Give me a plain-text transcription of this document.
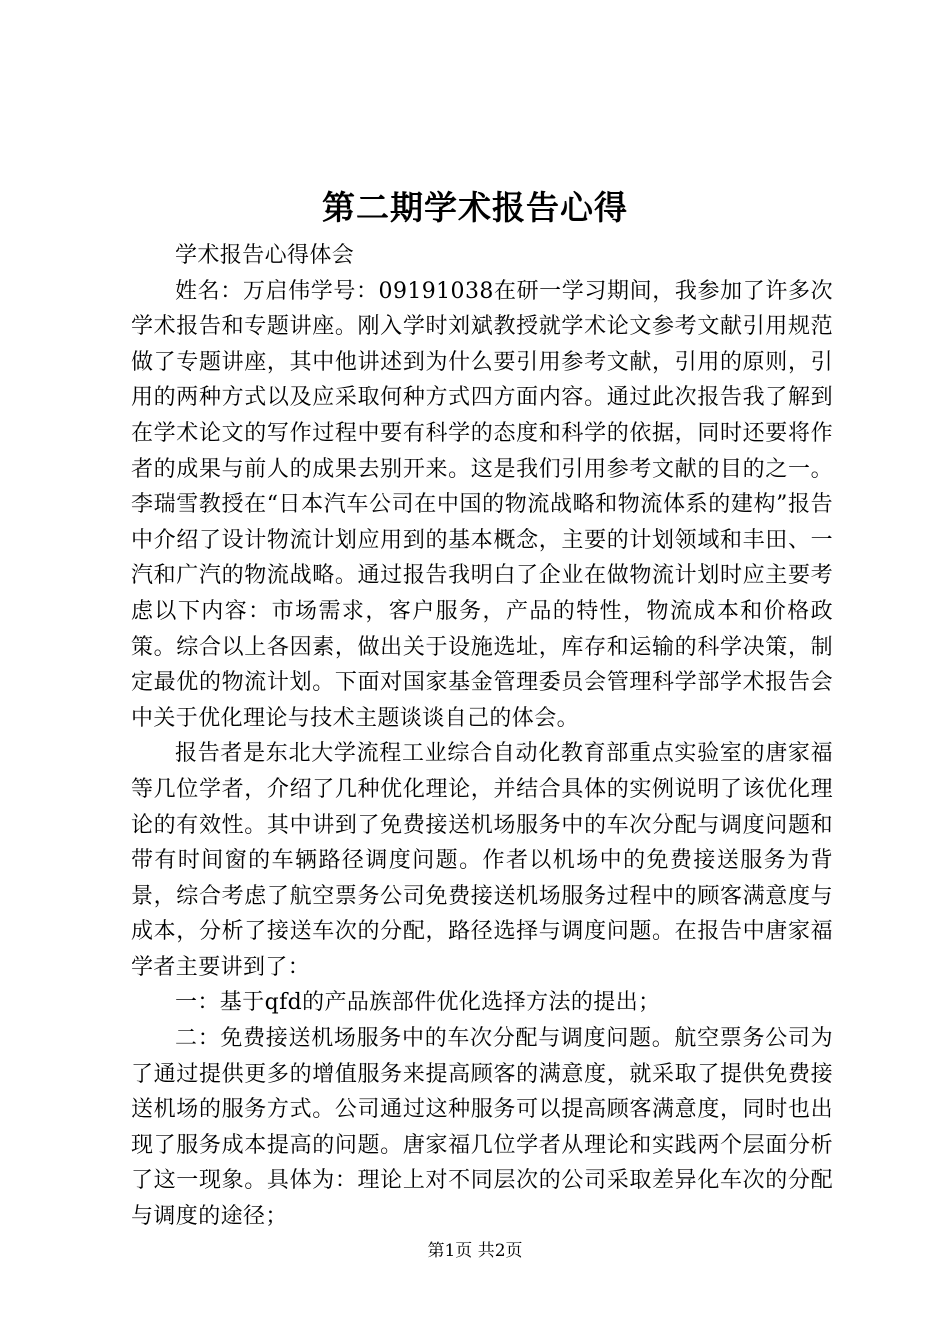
第二期学术报告心得

学术报告心得体会

姓名：万启伟学号：09191038在研一学习期间，我参加了许多次学术报告和专题讲座。刚入学时刘斌教授就学术论文参考文献引用规范做了专题讲座，其中他讲述到为什么要引用参考文献，引用的原则，引用的两种方式以及应采取何种方式四方面内容。通过此次报告我了解到在学术论文的写作过程中要有科学的态度和科学的依据，同时还要将作者的成果与前人的成果去别开来。这是我们引用参考文献的目的之一。李瑞雪教授在“日本汽车公司在中国的物流战略和物流体系的建构”报告中介绍了设计物流计划应用到的基本概念，主要的计划领域和丰田、一汽和广汽的物流战略。通过报告我明白了企业在做物流计划时应主要考虑以下内容：市场需求，客户服务，产品的特性，物流成本和价格政策。综合以上各因素，做出关于设施选址，库存和运输的科学决策，制定最优的物流计划。下面对国家基金管理委员会管理科学部学术报告会中关于优化理论与技术主题谈谈自己的体会。

报告者是东北大学流程工业综合自动化教育部重点实验室的唐家福等几位学者，介绍了几种优化理论，并结合具体的实例说明了该优化理论的有效性。其中讲到了免费接送机场服务中的车次分配与调度问题和带有时间窗的车辆路径调度问题。作者以机场中的免费接送服务为背景，综合考虑了航空票务公司免费接送机场服务过程中的顾客满意度与成本，分析了接送车次的分配，路径选择与调度问题。在报告中唐家福学者主要讲到了：

一：基于qfd的产品族部件优化选择方法的提出；

二：免费接送机场服务中的车次分配与调度问题。航空票务公司为了通过提供更多的增值服务来提高顾客的满意度，就采取了提供免费接送机场的服务方式。公司通过这种服务可以提高顾客满意度，同时也出现了服务成本提高的问题。唐家福几位学者从理论和实践两个层面分析了这一现象。具体为：理论上对不同层次的公司采取差异化车次的分配与调度的途径；

第1页 共2页
